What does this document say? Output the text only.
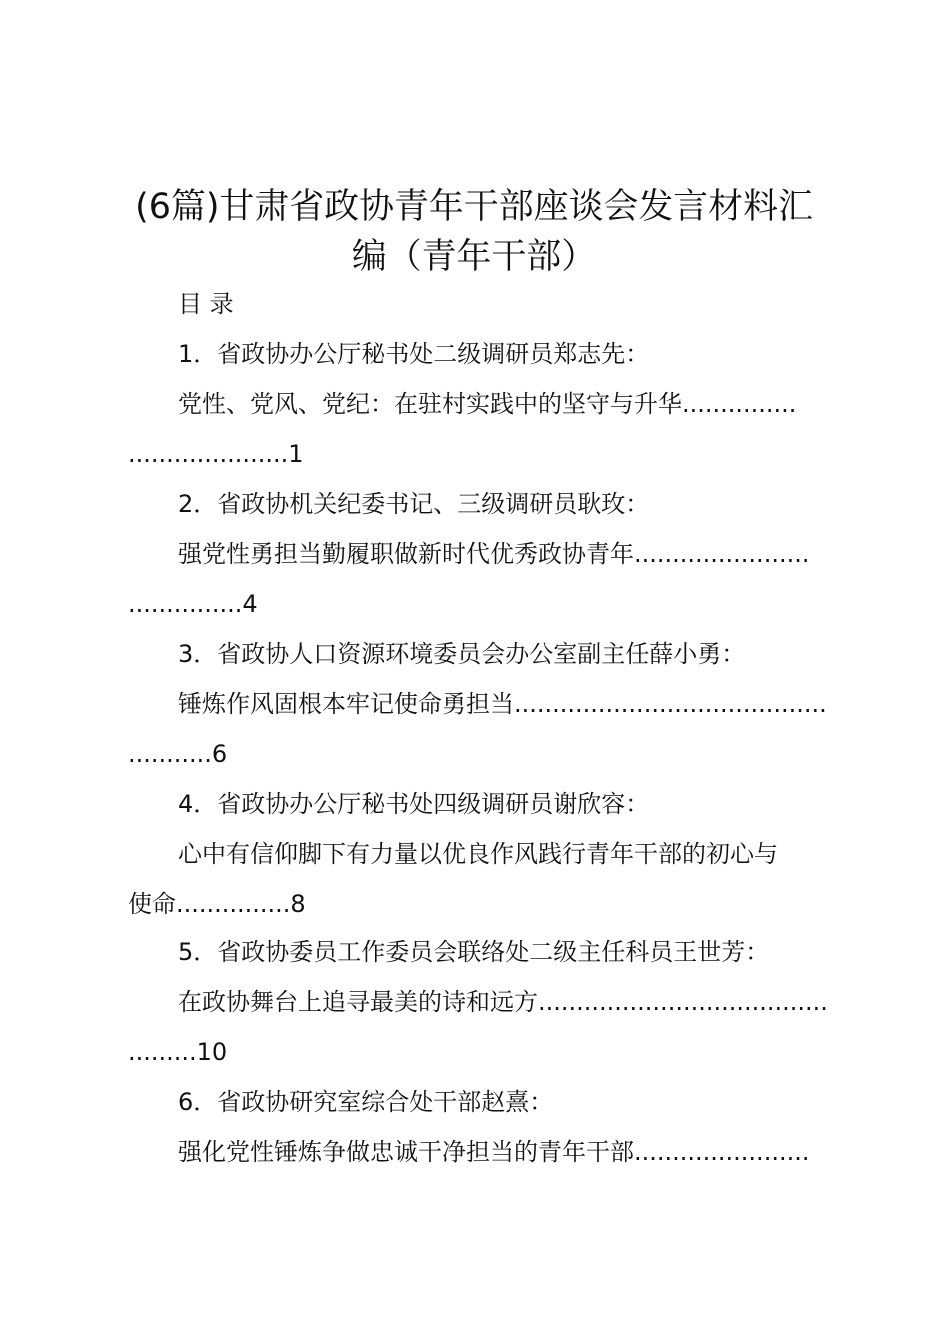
(6篇)甘肃省政协青年干部座谈会发言材料汇
编（青年干部）
目 录
1．省政协办公厅秘书处二级调研员郑志先：
党性、党风、党纪：在驻村实践中的坚守与升华...............
.....................1
2．省政协机关纪委书记、三级调研员耿玫：
强党性勇担当勤履职做新时代优秀政协青年.......................
...............4
3．省政协人口资源环境委员会办公室副主任薛小勇：
锤炼作风固根本牢记使命勇担当.........................................
...........6
4．省政协办公厅秘书处四级调研员谢欣容：
心中有信仰脚下有力量以优良作风践行青年干部的初心与
使命...............8
5．省政协委员工作委员会联络处二级主任科员王世芳：
在政协舞台上追寻最美的诗和远方......................................
.........10
6．省政协研究室综合处干部赵熹：
强化党性锤炼争做忠诚干净担当的青年干部.......................
